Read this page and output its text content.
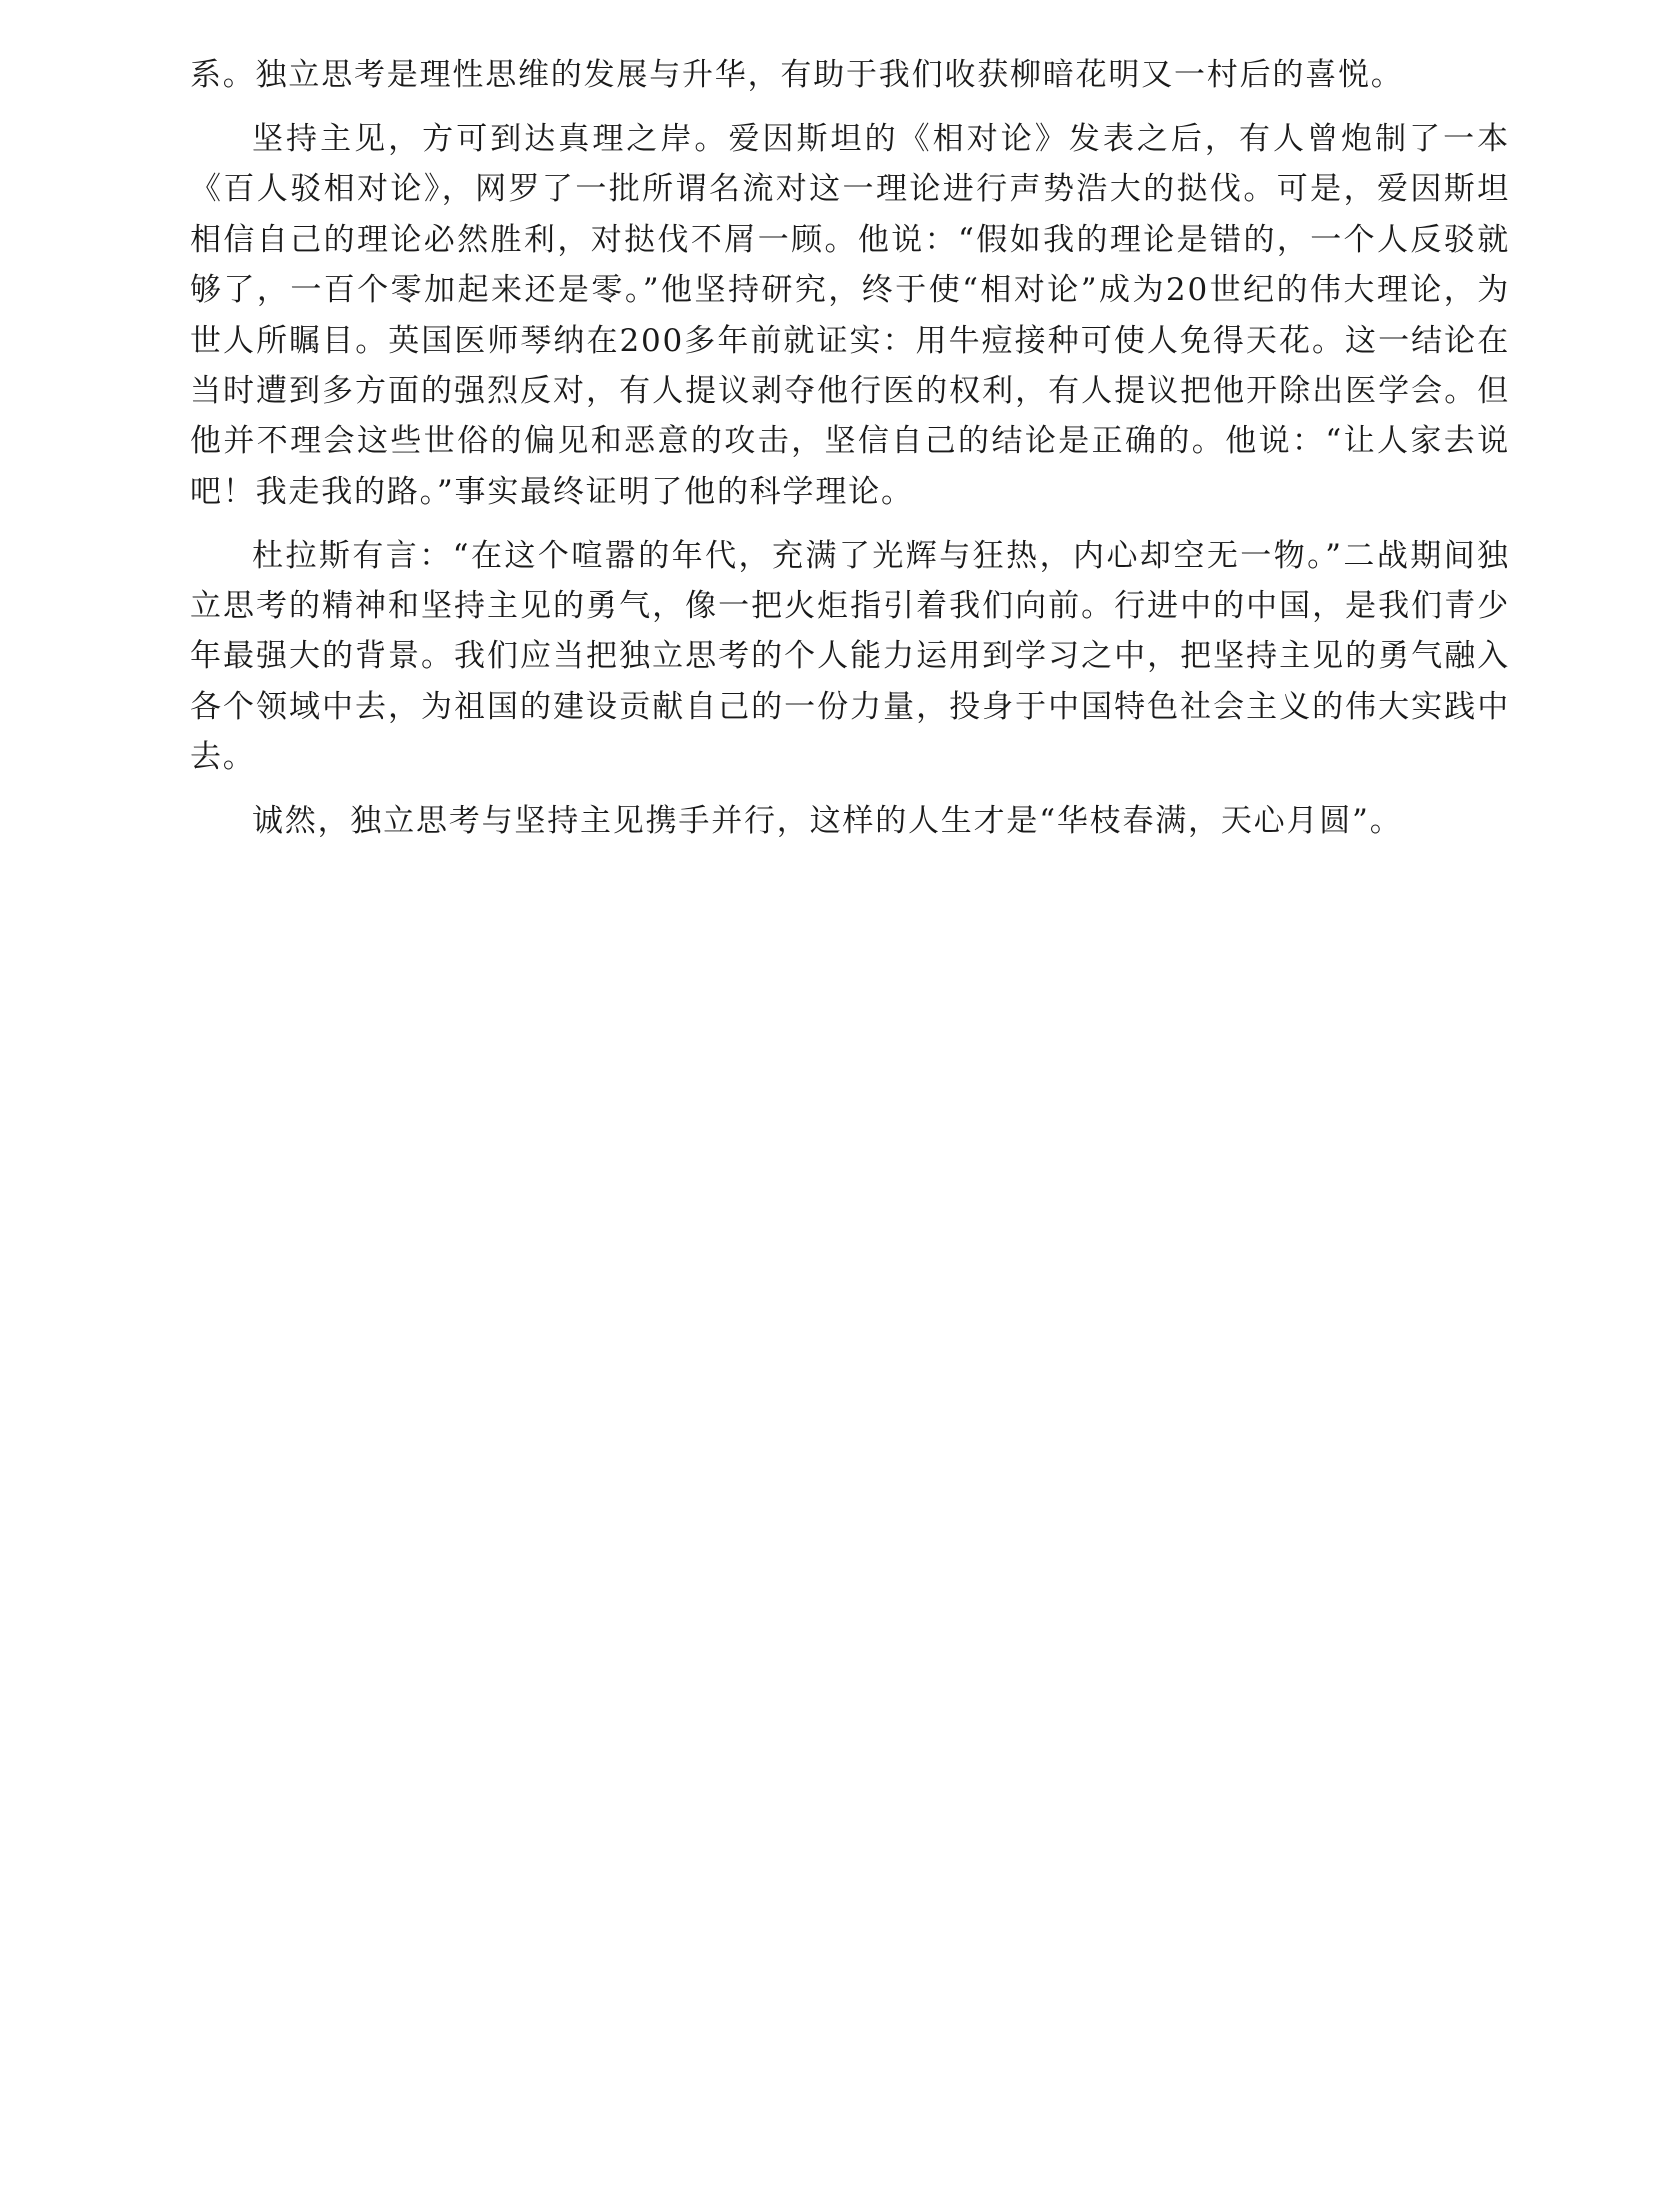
系。独立思考是理性思维的发展与升华，有助于我们收获柳暗花明又一村后的喜悦。

坚持主见，方可到达真理之岸。爱因斯坦的《相对论》发表之后，有人曾炮制了一本《百人驳相对论》，网罗了一批所谓名流对这一理论进行声势浩大的挞伐。可是，爱因斯坦相信自己的理论必然胜利，对挞伐不屑一顾。他说：“假如我的理论是错的，一个人反驳就够了，一百个零加起来还是零。”他坚持研究，终于使“相对论”成为20世纪的伟大理论，为世人所瞩目。英国医师琴纳在200多年前就证实：用牛痘接种可使人免得天花。这一结论在当时遭到多方面的强烈反对，有人提议剥夺他行医的权利，有人提议把他开除出医学会。但他并不理会这些世俗的偏见和恶意的攻击，坚信自己的结论是正确的。他说：“让人家去说吧！我走我的路。”事实最终证明了他的科学理论。

杜拉斯有言：“在这个喧嚣的年代，充满了光辉与狂热，内心却空无一物。”二战期间独立思考的精神和坚持主见的勇气，像一把火炬指引着我们向前。行进中的中国，是我们青少年最强大的背景。我们应当把独立思考的个人能力运用到学习之中，把坚持主见的勇气融入各个领域中去，为祖国的建设贡献自己的一份力量，投身于中国特色社会主义的伟大实践中去。

诚然，独立思考与坚持主见携手并行，这样的人生才是“华枝春满，天心月圆”。
